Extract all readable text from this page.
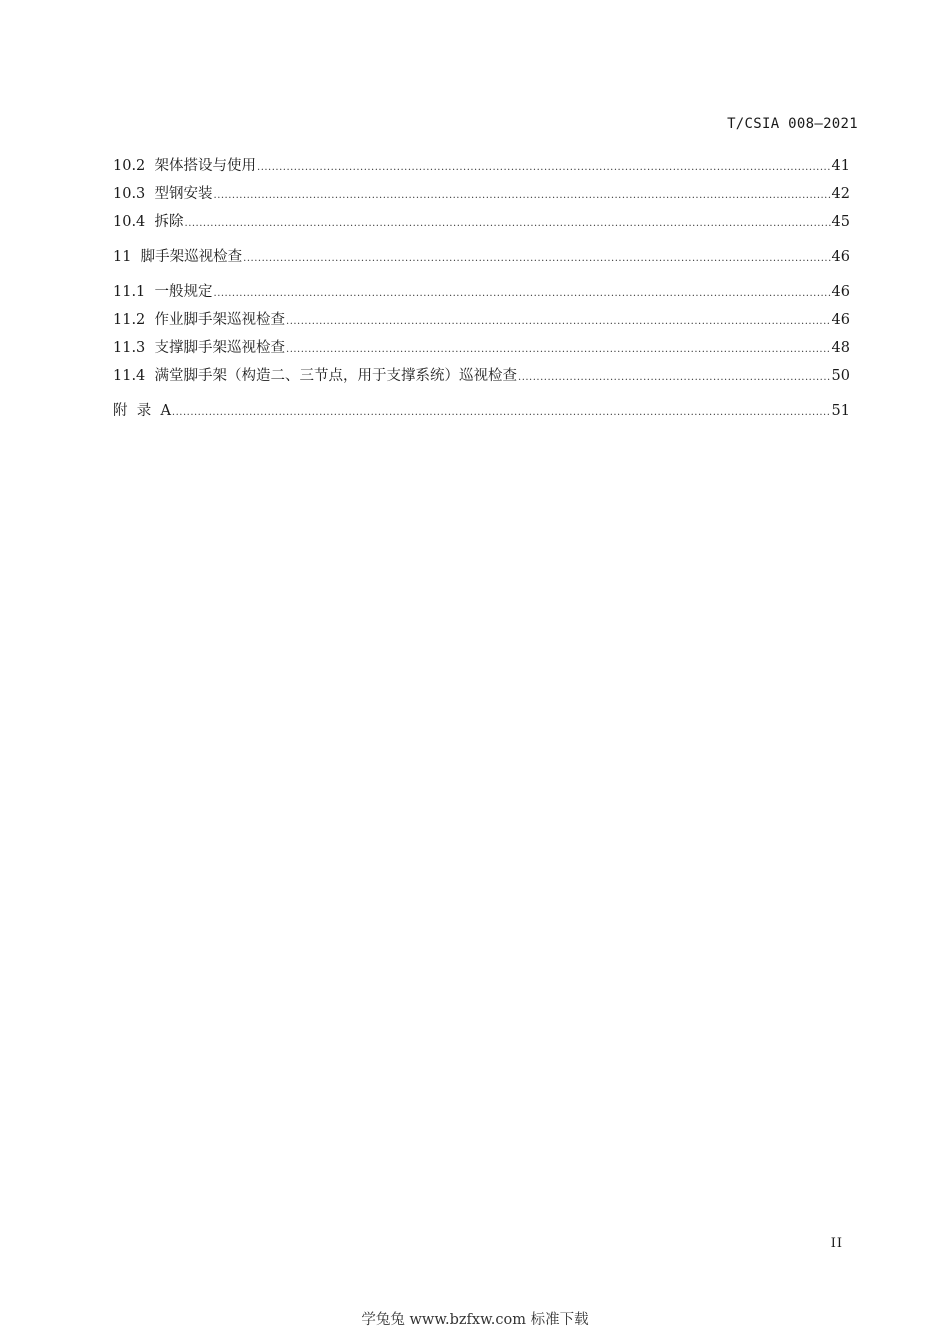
T/CSIA 008—2021
10.2 架体搭设与使用 .....	41
10.3 型钢安装 .....	42
10.4 拆除 .....	45
11 脚手架巡视检查 .....	46
11.1 一般规定 .....	46
11.2 作业脚手架巡视检查 .....	46
11.3 支撑脚手架巡视检查 .....	48
11.4 满堂脚手架（构造二、三节点，用于支撑系统）巡视检查 .....	50
附  录 A .....	51
II
学兔兔 www.bzfxw.com 标准下载
